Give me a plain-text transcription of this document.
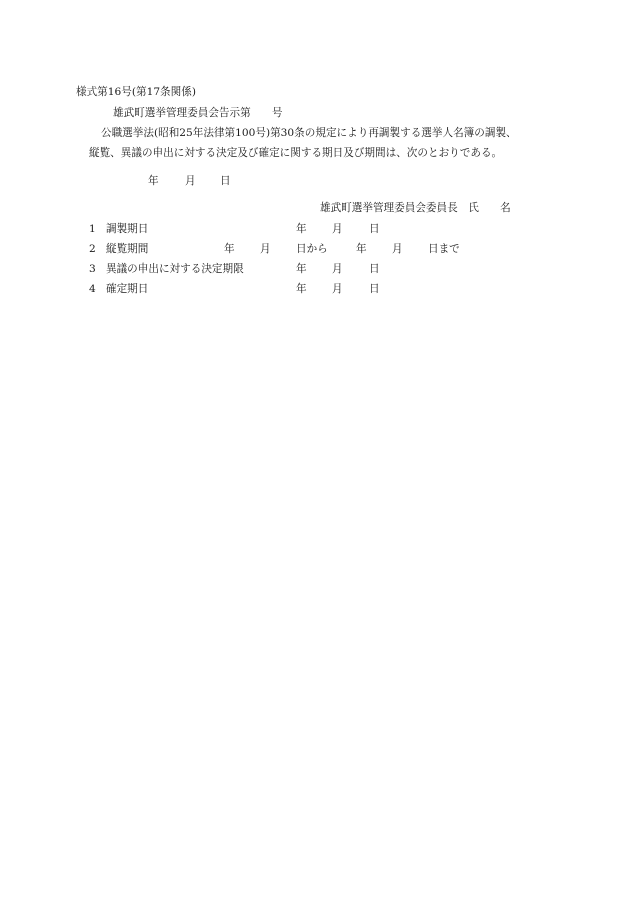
様式第16号(第17条関係)
雄武町選挙管理委員会告示第　　号
公職選挙法(昭和25年法律第100号)第30条の規定により再調製する選挙人名簿の調製、
縦覧、異議の申出に対する決定及び確定に関する期日及び期間は、次のとおりである。
年 月 日
雄武町選挙管理委員会委員長　氏　　名
1 調製期日	年 月 日
2 縦覧期間	年 月 日から	年 月 日まで
3 異議の申出に対する決定期限	年 月 日
4 確定期日	年 月 日
